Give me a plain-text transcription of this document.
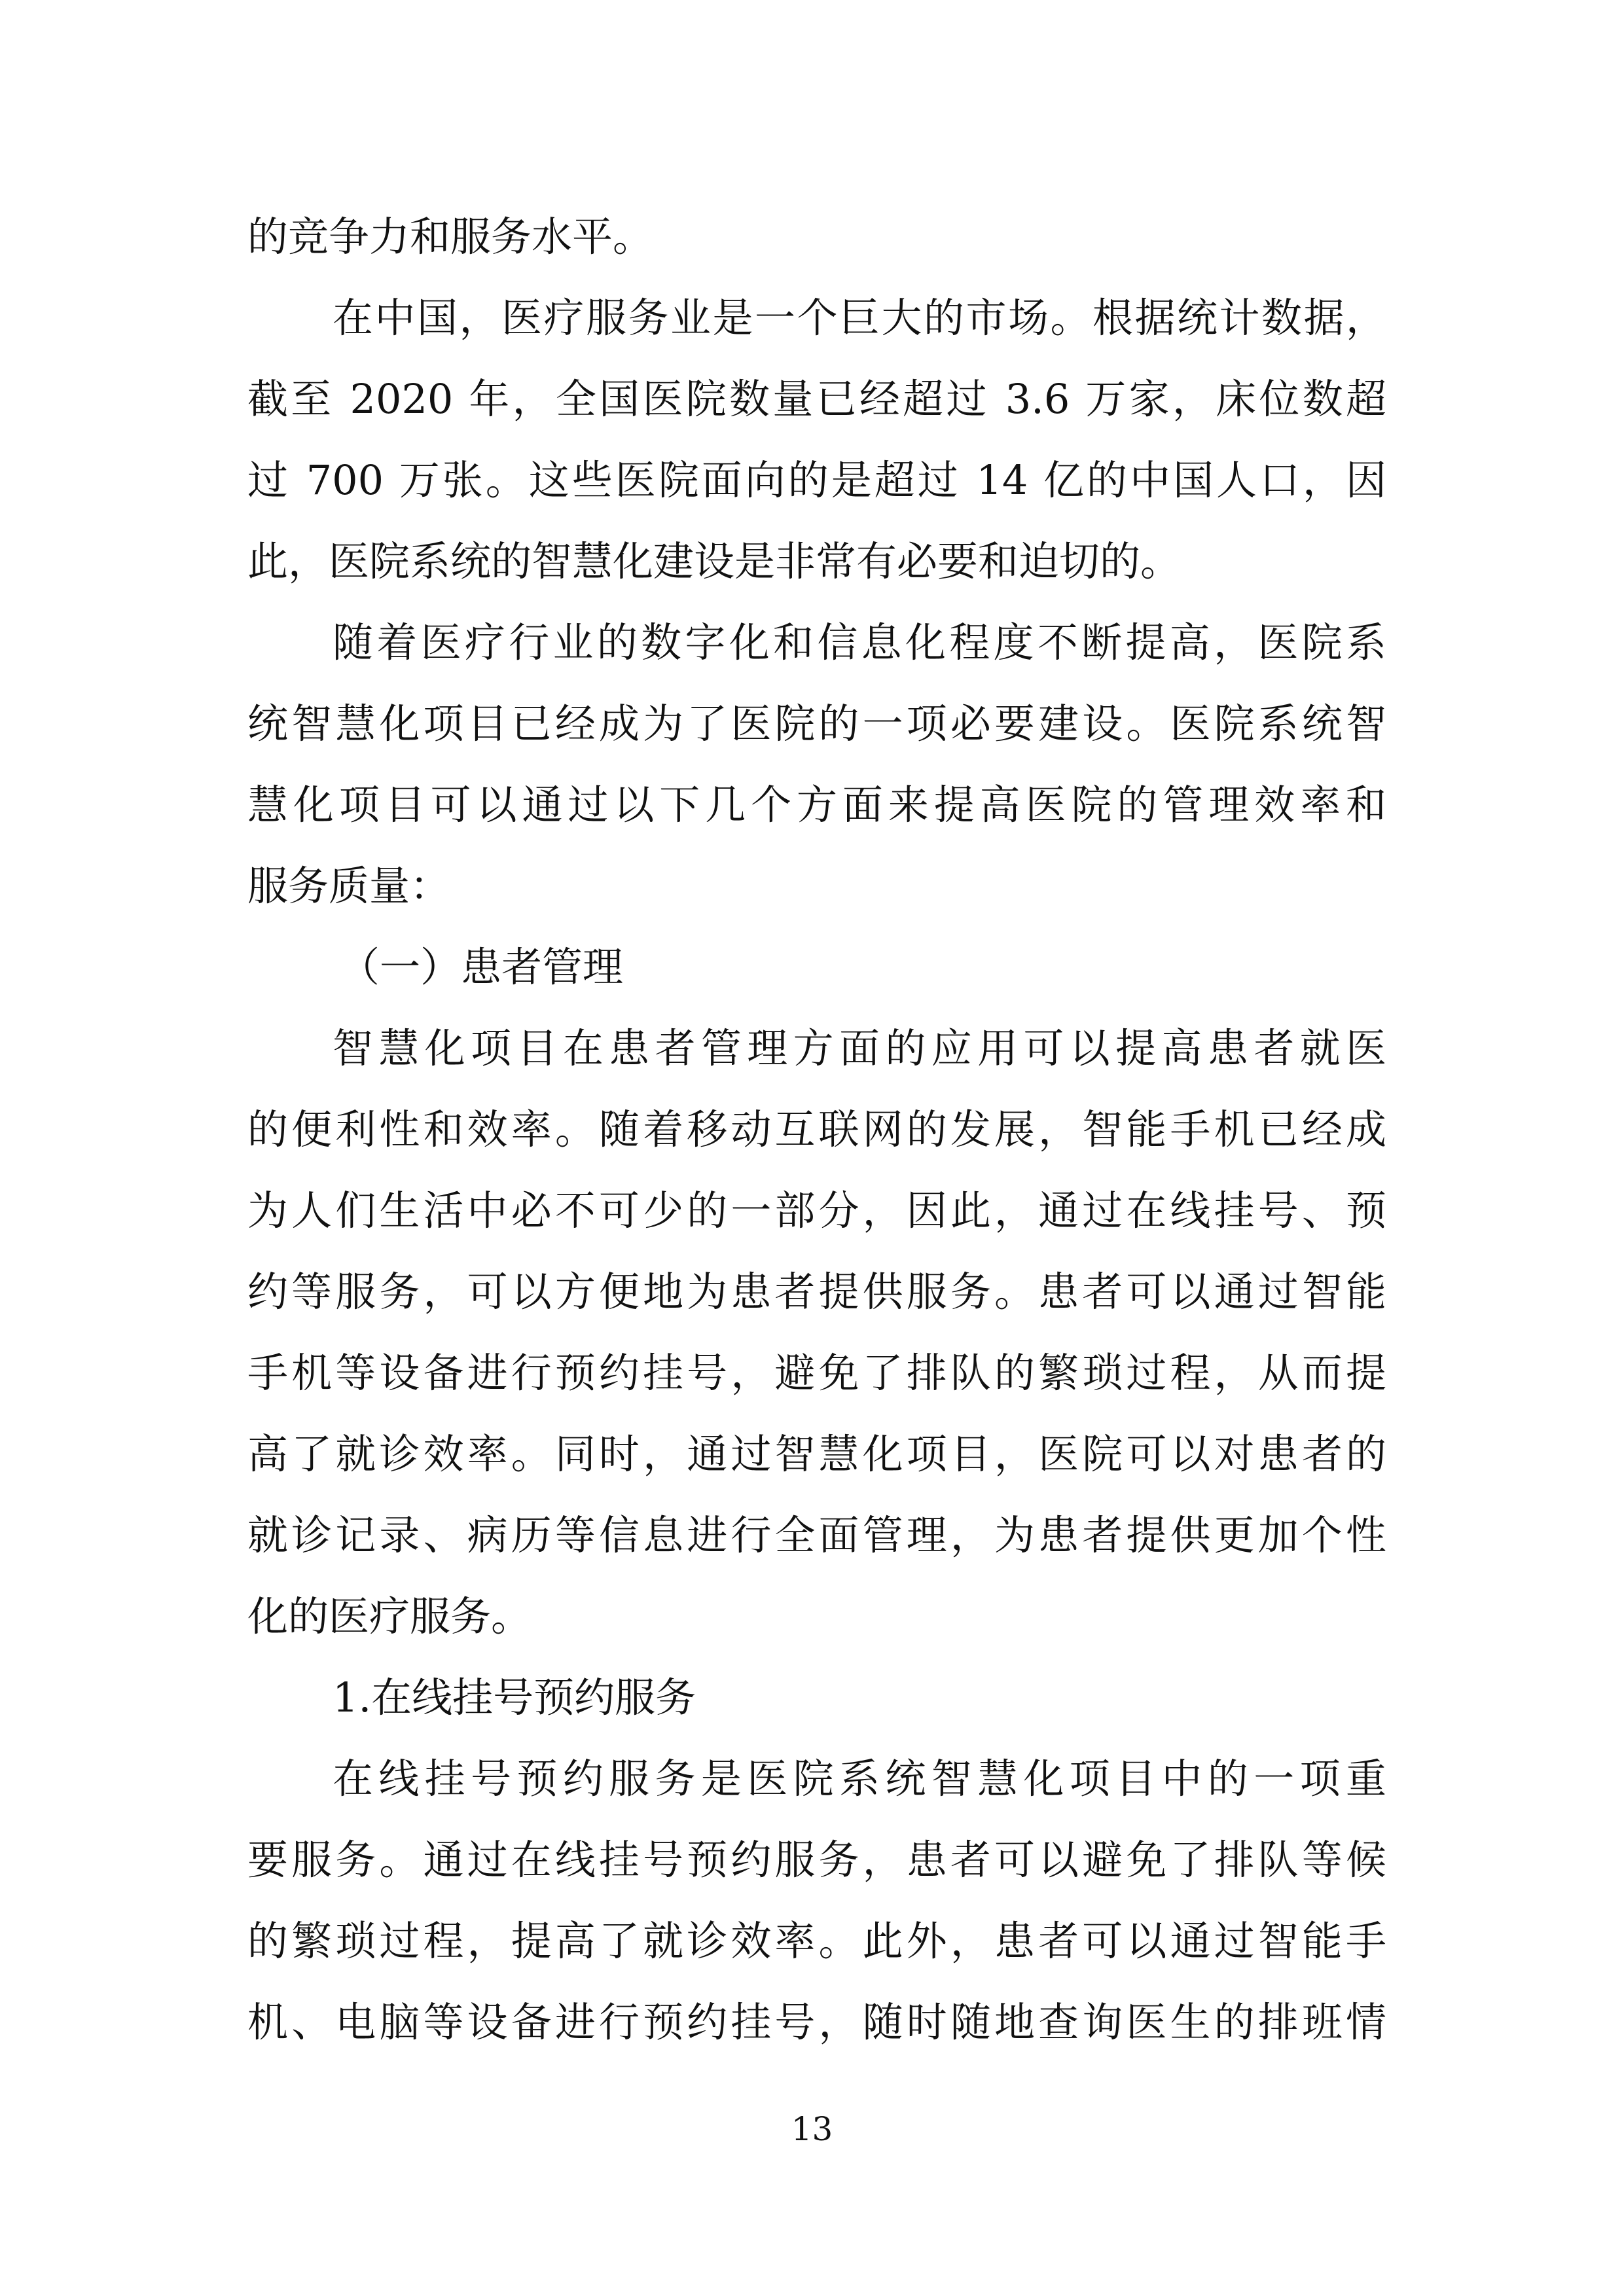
的竞争力和服务水平。
在中国，医疗服务业是一个巨大的市场。根据统计数据，
截至 2020 年，全国医院数量已经超过 3.6 万家，床位数超
过 700 万张。这些医院面向的是超过 14 亿的中国人口，因
此，医院系统的智慧化建设是非常有必要和迫切的。
随着医疗行业的数字化和信息化程度不断提高，医院系
统智慧化项目已经成为了医院的一项必要建设。医院系统智
慧化项目可以通过以下几个方面来提高医院的管理效率和
服务质量：
（一）患者管理
智慧化项目在患者管理方面的应用可以提高患者就医
的便利性和效率。随着移动互联网的发展，智能手机已经成
为人们生活中必不可少的一部分，因此，通过在线挂号、预
约等服务，可以方便地为患者提供服务。患者可以通过智能
手机等设备进行预约挂号，避免了排队的繁琐过程，从而提
高了就诊效率。同时，通过智慧化项目，医院可以对患者的
就诊记录、病历等信息进行全面管理，为患者提供更加个性
化的医疗服务。
1.在线挂号预约服务
在线挂号预约服务是医院系统智慧化项目中的一项重
要服务。通过在线挂号预约服务，患者可以避免了排队等候
的繁琐过程，提高了就诊效率。此外，患者可以通过智能手
机、电脑等设备进行预约挂号，随时随地查询医生的排班情
13
